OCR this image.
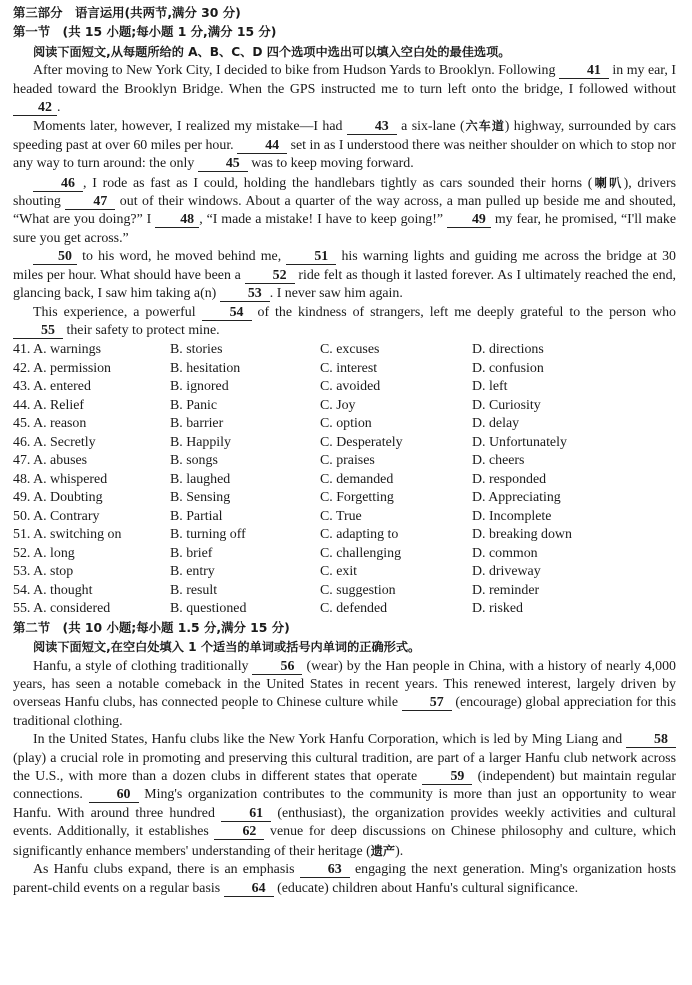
第三部分　语言运用(共两节,满分 30 分)
第一节　(共 15 小题;每小题 1 分,满分 15 分)
阅读下面短文,从每题所给的 A、B、C、D 四个选项中选出可以填入空白处的最佳选项。

After moving to New York City, I decided to bike from Hudson Yards to Brooklyn. Following 41 in my ear, I headed toward the Brooklyn Bridge. When the GPS instructed me to turn left onto the bridge, I followed without 42 .

Moments later, however, I realized my mistake—I had 43 a six-lane (六车道) highway, surrounded by cars speeding past at over 60 miles per hour. 44 set in as I understood there was neither shoulder on which to stop nor any way to turn around: the only 45 was to keep moving forward.

46 , I rode as fast as I could, holding the handlebars tightly as cars sounded their horns (喇叭), drivers shouting 47 out of their windows. About a quarter of the way across, a man pulled up beside me and shouted, “What are you doing?” I 48 , “I made a mistake! I have to keep going!” 49 my fear, he promised, “I'll make sure you get across.”

50 to his word, he moved behind me, 51 his warning lights and guiding me across the bridge at 30 miles per hour. What should have been a 52 ride felt as though it lasted forever. As I ultimately reached the end, glancing back, I saw him taking a(n) 53 . I never saw him again.

This experience, a powerful 54 of the kindness of strangers, left me deeply grateful to the person who 55 their safety to protect mine.

41. A. warnings	B. stories	C. excuses	D. directions
42. A. permission	B. hesitation	C. interest	D. confusion
43. A. entered	B. ignored	C. avoided	D. left
44. A. Relief	B. Panic	C. Joy	D. Curiosity
45. A. reason	B. barrier	C. option	D. delay
46. A. Secretly	B. Happily	C. Desperately	D. Unfortunately
47. A. abuses	B. songs	C. praises	D. cheers
48. A. whispered	B. laughed	C. demanded	D. responded
49. A. Doubting	B. Sensing	C. Forgetting	D. Appreciating
50. A. Contrary	B. Partial	C. True	D. Incomplete
51. A. switching on	B. turning off	C. adapting to	D. breaking down
52. A. long	B. brief	C. challenging	D. common
53. A. stop	B. entry	C. exit	D. driveway
54. A. thought	B. result	C. suggestion	D. reminder
55. A. considered	B. questioned	C. defended	D. risked
第二节　(共 10 小题;每小题 1.5 分,满分 15 分)
阅读下面短文,在空白处填入 1 个适当的单词或括号内单词的正确形式。

Hanfu, a style of clothing traditionally 56 (wear) by the Han people in China, with a history of nearly 4,000 years, has seen a notable comeback in the United States in recent years. This renewed interest, largely driven by overseas Hanfu clubs, has connected people to Chinese culture while 57 (encourage) global appreciation for this traditional clothing.

In the United States, Hanfu clubs like the New York Hanfu Corporation, which is led by Ming Liang and 58 (play) a crucial role in promoting and preserving this cultural tradition, are part of a larger Hanfu club network across the U.S., with more than a dozen clubs in different states that operate 59 (independent) but maintain regular connections. 60 Ming's organization contributes to the community is more than just an opportunity to wear Hanfu. With around three hundred 61 (enthusiast), the organization provides weekly activities and cultural events. Additionally, it establishes 62 venue for deep discussions on Chinese philosophy and culture, which significantly enhance members' understanding of their heritage (遗产).

As Hanfu clubs expand, there is an emphasis 63 engaging the next generation. Ming's organization hosts parent-child events on a regular basis 64 (educate) children about Hanfu's cultural significance.
